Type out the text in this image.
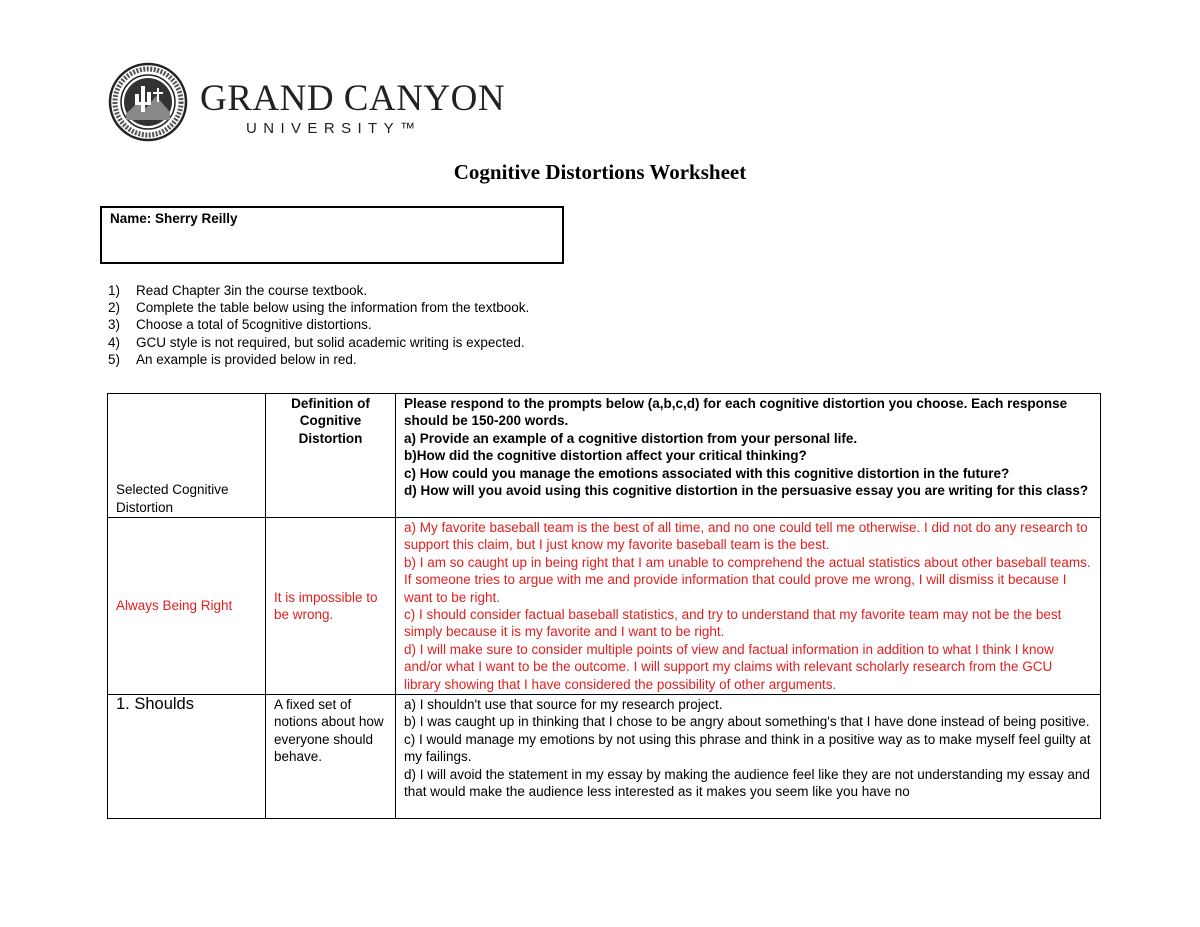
GRAND CANYON
UNIVERSITY™
Cognitive Distortions Worksheet
Name: Sherry Reilly
1) Read Chapter 3in the course textbook.
2) Complete the table below using the information from the textbook.
3) Choose a total of 5cognitive distortions.
4) GCU style is not required, but solid academic writing is expected.
5) An example is provided below in red.
Selected Cognitive Distortion	Definition of Cognitive Distortion	Please respond to the prompts below (a,b,c,d) for each cognitive distortion you choose. Each response should be 150-200 words.

a) Provide an example of a cognitive distortion from your personal life.

b)How did the cognitive distortion affect your critical thinking?

c) How could you manage the emotions associated with this cognitive distortion in the future?

d) How will you avoid using this cognitive distortion in the persuasive essay you are writing for this class?

Always Being Right	It is impossible to be wrong.	a) My favorite baseball team is the best of all time, and no one could tell me otherwise. I did not do any research to support this claim, but I just know my favorite baseball team is the best.

b) I am so caught up in being right that I am unable to comprehend the actual statistics about other baseball teams. If someone tries to argue with me and provide information that could prove me wrong, I will dismiss it because I want to be right.

c) I should consider factual baseball statistics, and try to understand that my favorite team may not be the best simply because it is my favorite and I want to be right.

d) I will make sure to consider multiple points of view and factual information in addition to what I think I know and/or what I want to be the outcome. I will support my claims with relevant scholarly research from the GCU library showing that I have considered the possibility of other arguments.

1. Shoulds	A fixed set of notions about how everyone should behave.	a) I shouldn't use that source for my research project.

b) I was caught up in thinking that I chose to be angry about something's that I have done instead of being positive.

c) I would manage my emotions by not using this phrase and think in a positive way as to make myself feel guilty at my failings.

d) I will avoid the statement in my essay by making the audience feel like they are not understanding my essay and that would make the audience less interested as it makes you seem like you have no
